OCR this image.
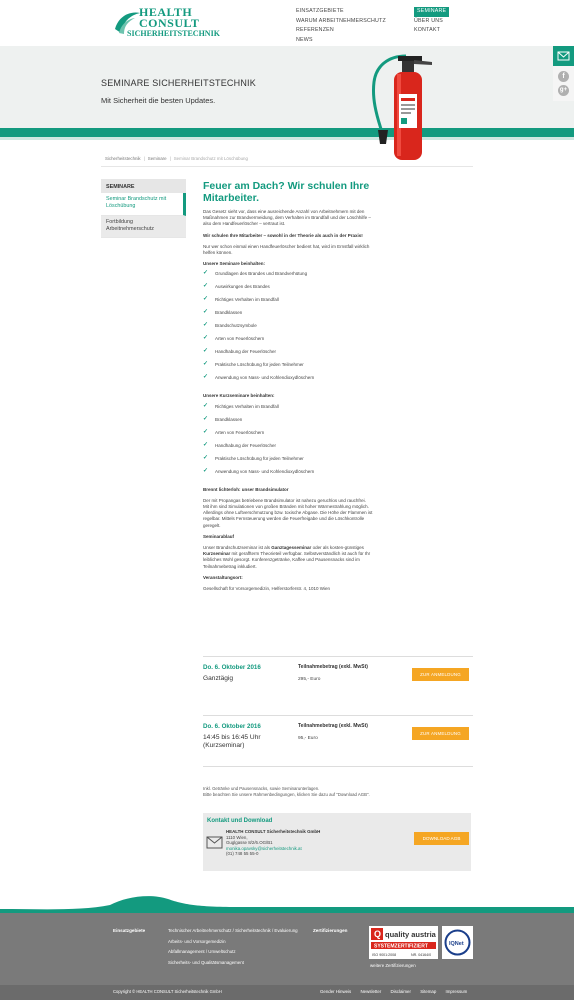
HEALTH
CONSULT
SICHERHEITSTECHNIK
EINSATZGEBIETE
WARUM ARBEITNEHMERSCHUTZ
REFERENZEN
NEWS
SEMINARE
ÜBER UNS
KONTAKT
SEMINARE SICHERHEITSTECHNIK
Mit Sicherheit die besten Updates.
f
g+
Sicherheitstechnik | Seminare | Seminar Brandschutz mit Löschübung
SEMINARE
Seminar Brandschutz mit Löschübung
Fortbildung Arbeitnehmerschutz
Feuer am Dach? Wir schulen Ihre Mitarbeiter.
Das Gesetz sieht vor, dass eine ausreichende Anzahl von Arbeitnehmern mit den Maßnahmen zur Brandvermeidung, dem Verhalten im Brandfall und der Löschhilfe – also dem Handfeuerlöscher – vertraut ist.
Wir schulen Ihre Mitarbeiter – sowohl in der Theorie als auch in der Praxis!
Nur wer schon einmal einen Handfeuerlöscher bedient hat, wird im Ernstfall wirklich helfen können.
Unsere Seminare beinhalten:
✓ Grundlagen des Brandes und Brandverhütung
✓ Auswirkungen des Brandes
✓ Richtiges Verhalten im Brandfall
✓ Brandklassen
✓ Brandschutzsymbole
✓ Arten von Feuerlöschern
✓ Handhabung der Feuerlöscher
✓ Praktische Löschübung für jeden Teilnehmer
✓ Anwendung von Nass- und Kohlendioxydlöschern
Unsere Kurzseminare beinhalten:
✓ Richtiges Verhalten im Brandfall
✓ Brandklassen
✓ Arten von Feuerlöschern
✓ Handhabung der Feuerlöscher
✓ Praktische Löschübung für jeden Teilnehmer
✓ Anwendung von Nass- und Kohlendioxydlöschern
Brennt lichterloh: unser Brandsimulator
Der mit Propangas betriebene Brandsimulator ist nahezu geruchlos und rauchfrei. Mit ihm sind Simulationen von großen Bränden mit hoher Wärmestrahlung möglich. Allerdings ohne Luftverschmutzung bzw. toxische Abgase. Die Höhe der Flammen ist regelbar. Mittels Fernsteuerung werden die Feuerfreigabe und die Löschkontrolle geregelt.
Seminarablauf
Unser Brandschutzseminar ist als Ganztagesseminar oder als kosten-günstiges Kurzseminar mit geraffterm Theorieteil verfügbar. Selbstverständlich ist auch für Ihr leibliches Wohl gesorgt. Konferenzgetränke, Kaffee und Pausensnacks sind im Teilnahmebetrag inkludiert.
Veranstaltungsort:
Gesellschaft für Vorsorgemedizin, Helferstorferstr. 4, 1010 Wien
Do. 6. Oktober 2016
Ganztägig
Teilnahmebetrag (exkl. MwSt)
295,- Euro
ZUR ANMELDUNG
Do. 6. Oktober 2016
14:45 bis 16:45 Uhr
(Kurzseminar)
Teilnahmebetrag (exkl. MwSt)
95,- Euro
ZUR ANMELDUNG
Inkl. Getränke und Pausensnacks, sowie Seminarunterlagen.
Bitte beachten Sie unsere Rahmenbedingungen, klicken Sie dazu auf "Download AGB".
Kontakt und Download
HEALTH CONSULT Sicherheitstechnik GmbH
1110 Wien,
Guglgasse 8/2/6.OG/B1
monika.opavsky@sicherheitstechnik.at
(01) 748 55 55-0
DOWNLOAD AGB
Einsatzgebiete	Technischer Arbeitnehmerschutz / Sicherheitstechnik / Evaluierung
Arbeits- und Vorsorgemedizin
Abfallmanagement / Umweltschutz
Sicherheits- und Qualitätsmanagement
Zertifizierungen	Q quality austria
SYSTEMZERTIFIZIERT
ISO 9001:2008	NR. 04164/0
IQNet
weitere Zertifizierungen
Copyright © HEALTH CONSULT Sicherheitstechnik GmbH	Gender Hinweis Newsletter Disclaimer Sitemap Impressum
